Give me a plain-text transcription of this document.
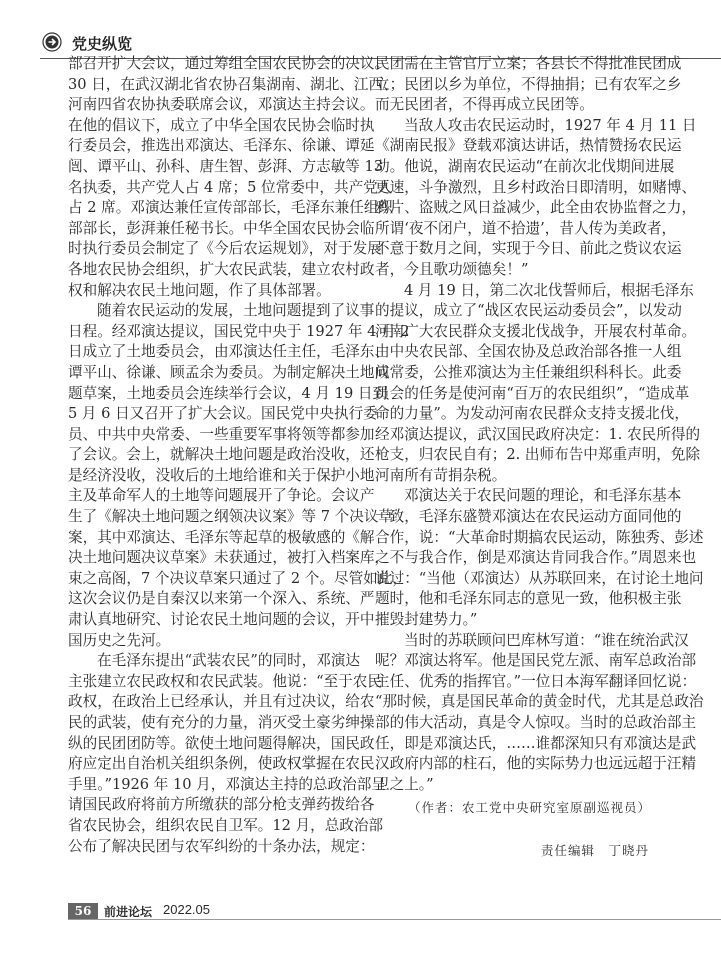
党史纵览
部召开扩大会议，通过筹组全国农民协会的决议。
30 日，在武汉湖北省农协召集湖南、湖北、江西、
河南四省农协执委联席会议，邓演达主持会议。
在他的倡议下，成立了中华全国农民协会临时执
行委员会，推选出邓演达、毛泽东、徐谦、谭延
闿、谭平山、孙科、唐生智、彭湃、方志敏等 13
名执委，共产党人占 4 席；5 位常委中，共产党人
占 2 席。邓演达兼任宣传部部长，毛泽东兼任组织
部部长，彭湃兼任秘书长。中华全国农民协会临
时执行委员会制定了《今后农运规划》，对于发展
各地农民协会组织，扩大农民武装，建立农村政
权和解决农民土地问题，作了具体部署。
随着农民运动的发展，土地问题提到了议事
日程。经邓演达提议，国民党中央于 1927 年 4 月 2
日成立了土地委员会，由邓演达任主任，毛泽东、
谭平山、徐谦、顾孟余为委员。为制定解决土地问
题草案，土地委员会连续举行会议，4 月 19 日到
5 月 6 日又召开了扩大会议。国民党中央执行委
员、中共中央常委、一些重要军事将领等都参加
了会议。会上，就解决土地问题是政治没收，还
是经济没收，没收后的土地给谁和关于保护小地
主及革命军人的土地等问题展开了争论。会议产
生了《解决土地问题之纲领决议案》等 7 个决议草
案，其中邓演达、毛泽东等起草的极敏感的《解
决土地问题决议草案》未获通过，被打入档案库，
束之高阁，7 个决议草案只通过了 2 个。尽管如此，
这次会议仍是自秦汉以来第一个深入、系统、严
肃认真地研究、讨论农民土地问题的会议，开中
国历史之先河。
在毛泽东提出“武装农民”的同时，邓演达
主张建立农民政权和农民武装。他说：“至于农民
政权，在政治上已经承认，并且有过决议，给农
民的武装，使有充分的力量，消灭受土豪劣绅操
纵的民团团防等。欲使土地问题得解决，国民政
府应定出自治机关组织条例，使政权掌握在农民
手里。”1926 年 10 月，邓演达主持的总政治部呈
请国民政府将前方所缴获的部分枪支弹药拨给各
省农民协会，组织农民自卫军。12 月，总政治部
公布了解决民团与农军纠纷的十条办法，规定：
民团需在主管官厅立案；各县长不得批准民团成
立；民团以乡为单位，不得抽捐；已有农军之乡
而无民团者，不得再成立民团等。
当敌人攻击农民运动时，1927 年 4 月 11 日
《湖南民报》登载邓演达讲话，热情赞扬农民运
动。他说，湖南农民运动“在前次北伐期间进展
更速，斗争激烈，且乡村政治日即清明，如赌博、
鸦片、盗贼之风日益减少，此全由农协监督之力，
所谓‘夜不闭户，道不拾遗’，昔人传为美政者，
不意于数月之间，实现于今日、前此之赀议农运
者，今且歌功颂德矣！”
4 月 19 日，第二次北伐誓师后，根据毛泽东
的提议，成立了“战区农民运动委员会”，以发动
河南广大农民群众支援北伐战争，开展农村革命。
由中央农民部、全国农协及总政治部各推一人组
成常委，公推邓演达为主任兼组织科科长。此委
员会的任务是使河南“百万的农民组织”，“造成革
命的力量”。为发动河南农民群众支持支援北伐，
经邓演达提议，武汉国民政府决定：1. 农民所得的
枪支，归农民自有；2. 出师布告中郑重声明，免除
河南所有苛捐杂税。
邓演达关于农民问题的理论，和毛泽东基本
一致，毛泽东盛赞邓演达在农民运动方面同他的
合作，说：“大革命时期搞农民运动，陈独秀、彭述
之不与我合作，倒是邓演达肯同我合作。”周恩来也
说过：“当他（邓演达）从苏联回来，在讨论土地问
题时，他和毛泽东同志的意见一致，他积极主张
摧毁封建势力。”
当时的苏联顾问巴库林写道：“谁在统治武汉
呢？邓演达将军。他是国民党左派、南军总政治部
主任、优秀的指挥官。”一位日本海军翻译回忆说：
“那时候，真是国民革命的黄金时代，尤其是总政治
部的伟大活动，真是令人惊叹。当时的总政治部主
任，即是邓演达氏，……谁都深知只有邓演达是武
汉政府内部的柱石，他的实际势力也远远超于汪精
卫之上。”
（作者：农工党中央研究室原副巡视员）
责任编辑　丁晓丹
56	前进论坛 2022.05
